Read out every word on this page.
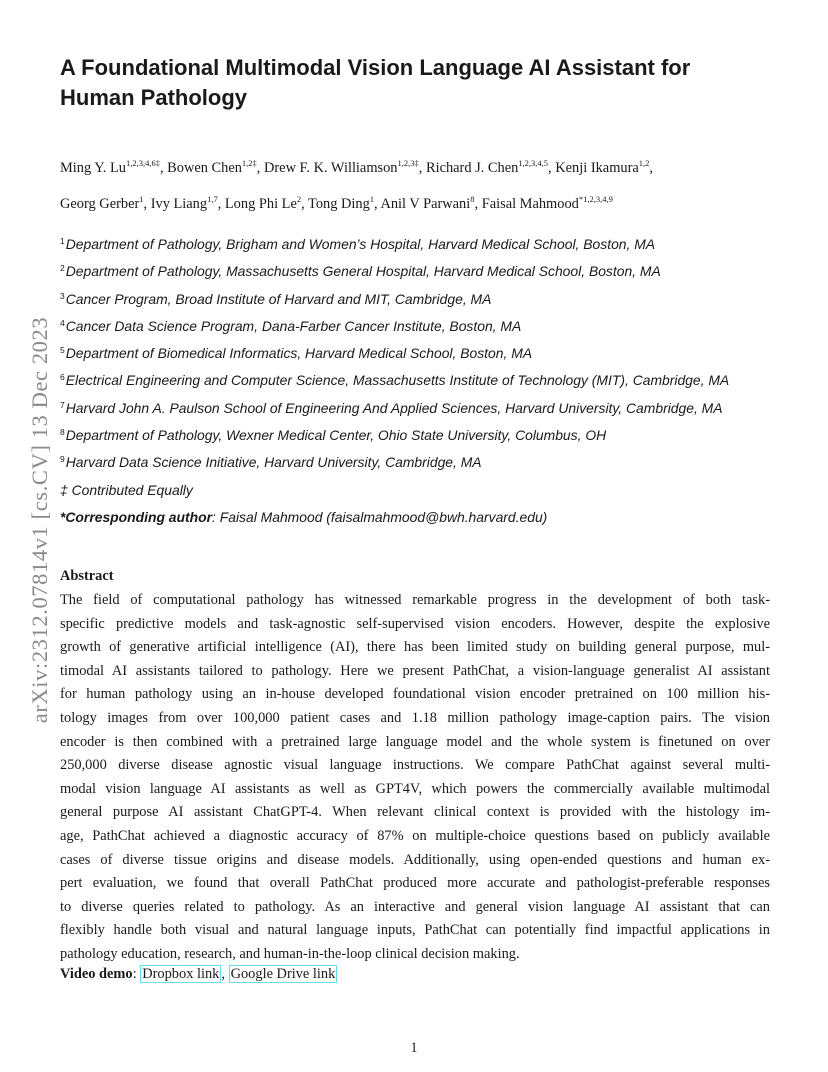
arXiv:2312.07814v1 [cs.CV] 13 Dec 2023
A Foundational Multimodal Vision Language AI Assistant for
Human Pathology
Ming Y. $Lu^{1,2,3,4,6\ddagger}$, Bowen Chen$^{1,2\ddagger}$, Drew F. K. Williamson$^{1,2,3\ddagger}$, Richard J. Chen$^{1,2,3,4,5}$, Kenji Ikamura$^{1,2}$,
Georg Gerber$^1$, Ivy Liang$^{1,7}$, Long Phi Le$^2$, Tong Ding$^1$, Anil V Parwani$^8$, Faisal Mahmood$^{*1,2,3,4,9}$
$^1$Department of Pathology, Brigham and Women’s Hospital, Harvard Medical School, Boston, MA
$^2$Department of Pathology, Massachusetts General Hospital, Harvard Medical School, Boston, MA
$^3$Cancer Program, Broad Institute of Harvard and MIT, Cambridge, MA
$^4$Cancer Data Science Program, Dana-Farber Cancer Institute, Boston, MA
$^5$Department of Biomedical Informatics, Harvard Medical School, Boston, MA
$^6$Electrical Engineering and Computer Science, Massachusetts Institute of Technology (MIT), Cambridge, MA
$^7$Harvard John A. Paulson School of Engineering And Applied Sciences, Harvard University, Cambridge, MA
$^8$Department of Pathology, Wexner Medical Center, Ohio State University, Columbus, OH
$^9$Harvard Data Science Initiative, Harvard University, Cambridge, MA
‡ Contributed Equally
*Corresponding author: Faisal Mahmood (faisalmahmood@bwh.harvard.edu)
Abstract
The field of computational pathology has witnessed remarkable progress in the development of both task-
specific predictive models and task-agnostic self-supervised vision encoders. However, despite the explosive
growth of generative artificial intelligence (AI), there has been limited study on building general purpose, mul-
timodal AI assistants tailored to pathology. Here we present PathChat, a vision-language generalist AI assistant
for human pathology using an in-house developed foundational vision encoder pretrained on 100 million his-
tology images from over 100,000 patient cases and 1.18 million pathology image-caption pairs. The vision
encoder is then combined with a pretrained large language model and the whole system is finetuned on over
250,000 diverse disease agnostic visual language instructions. We compare PathChat against several multi-
modal vision language AI assistants as well as GPT4V, which powers the commercially available multimodal
general purpose AI assistant ChatGPT-4. When relevant clinical context is provided with the histology im-
age, PathChat achieved a diagnostic accuracy of 87% on multiple-choice questions based on publicly available
cases of diverse tissue origins and disease models. Additionally, using open-ended questions and human ex-
pert evaluation, we found that overall PathChat produced more accurate and pathologist-preferable responses
to diverse queries related to pathology. As an interactive and general vision language AI assistant that can
flexibly handle both visual and natural language inputs, PathChat can potentially find impactful applications in
pathology education, research, and human-in-the-loop clinical decision making.
Video demo: Dropbox link , Google Drive link
1
